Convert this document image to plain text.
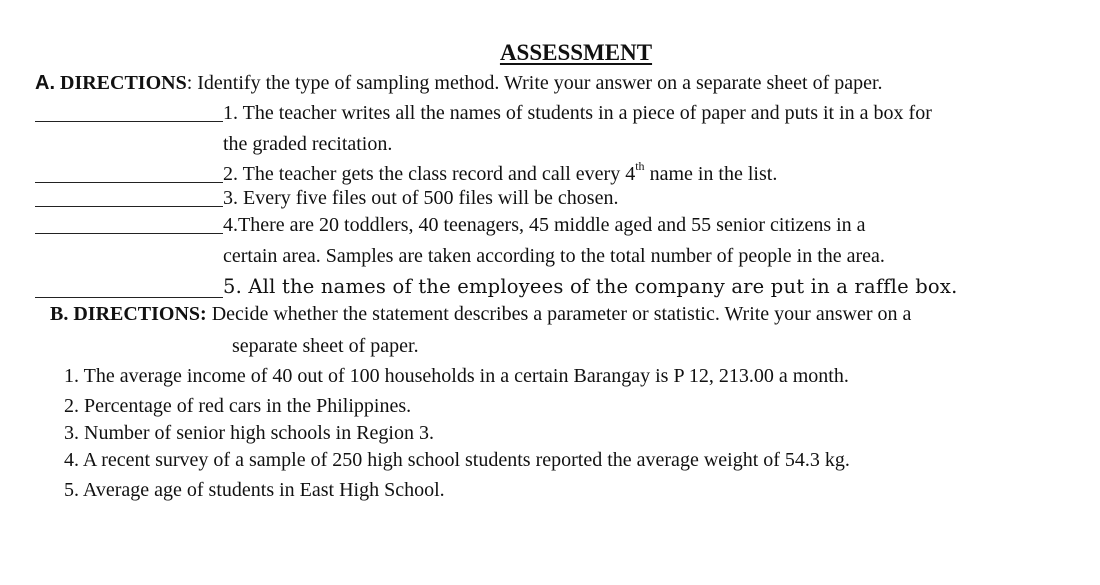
ASSESSMENT
A. DIRECTIONS: Identify the type of sampling method. Write your answer on a separate sheet of paper.
1. The teacher writes all the names of students in a piece of paper and puts it in a box for
the graded recitation.
2. The teacher gets the class record and call every 4th name in the list.
3. Every five files out of 500 files will be chosen.
4.There are 20 toddlers, 40 teenagers, 45 middle aged and 55 senior citizens in a
certain area. Samples are taken according to the total number of people in the area.
5. All the names of the employees of the company are put in a raffle box.
B. DIRECTIONS: Decide whether the statement describes a parameter or statistic. Write your answer on a
separate sheet of paper.
1. The average income of 40 out of 100 households in a certain Barangay is P 12, 213.00 a month.
2. Percentage of red cars in the Philippines.
3. Number of senior high schools in Region 3.
4. A recent survey of a sample of 250 high school students reported the average weight of 54.3 kg.
5. Average age of students in East High School.
